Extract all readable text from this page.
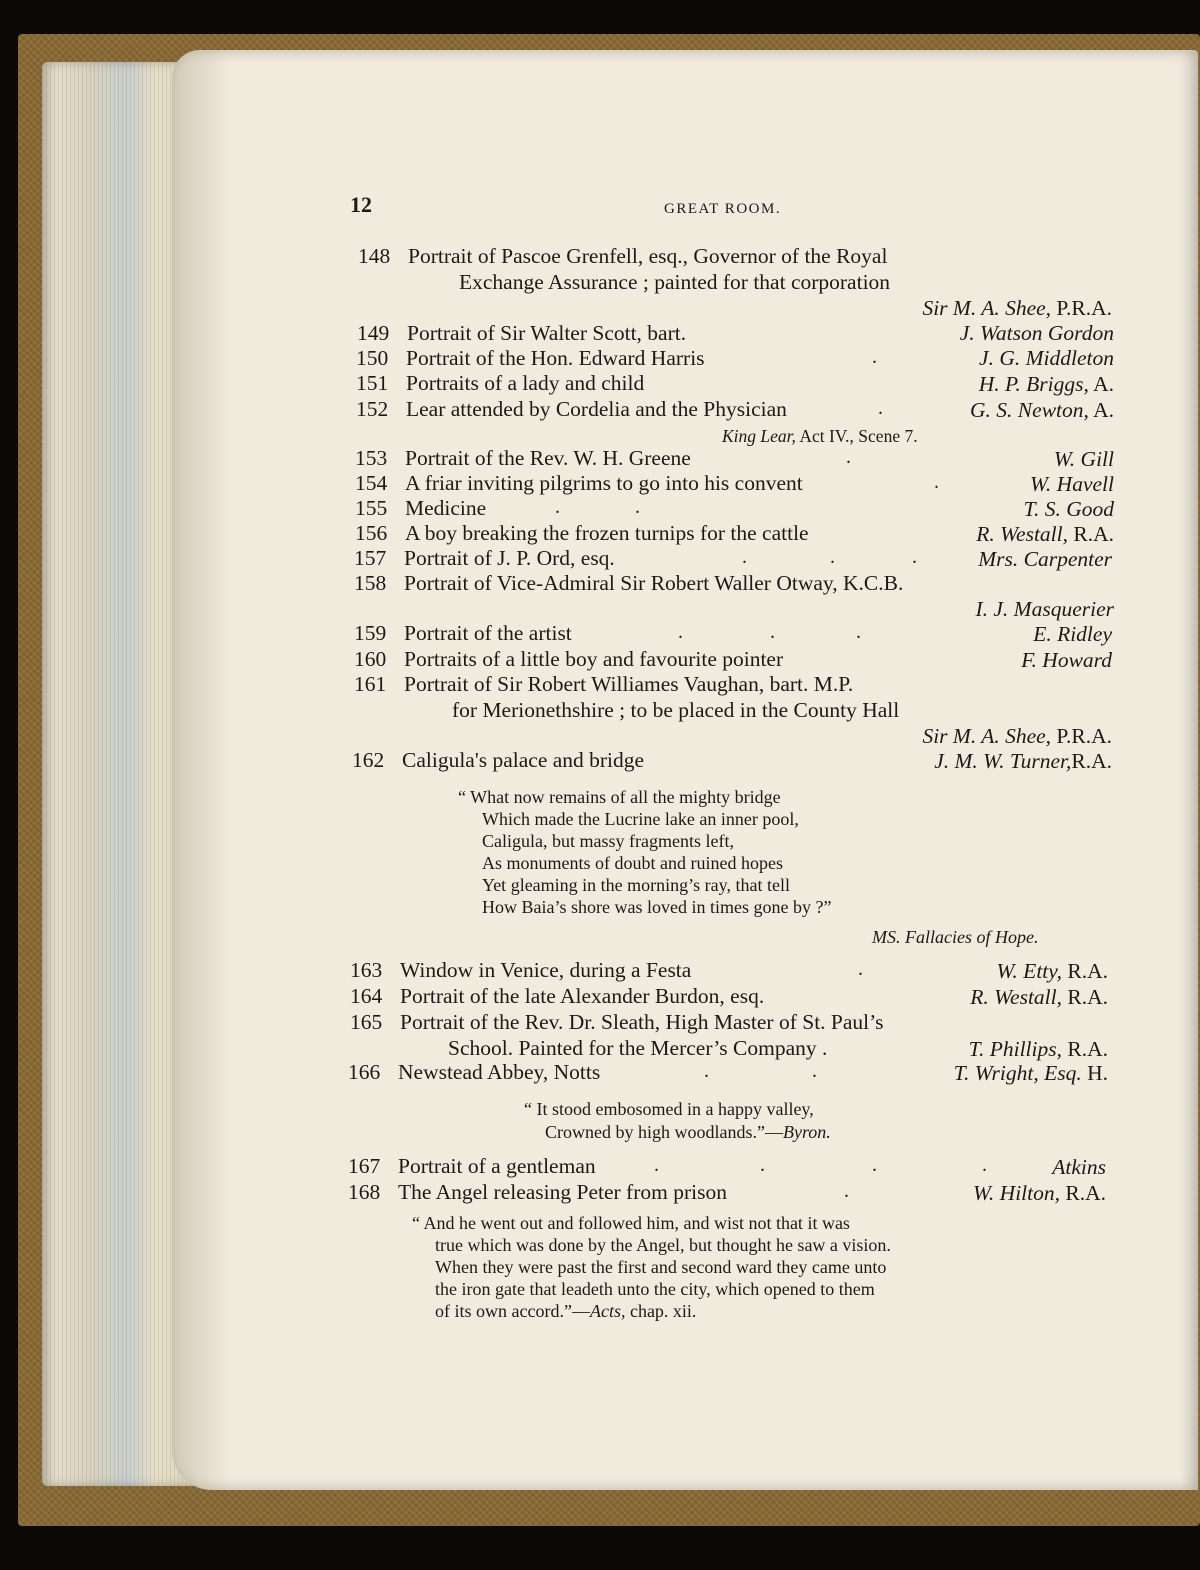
12	GREAT ROOM.
148 Portrait of Pascoe Grenfell, esq., Governor of the Royal
Exchange Assurance ; painted for that corporation
Sir M. A. Shee, P.R.A.
149 Portrait of Sir Walter Scott, bart.	J. Watson Gordon
150 Portrait of the Hon. Edward Harris	.	J. G. Middleton
151 Portraits of a lady and child	H. P. Briggs, A.
152 Lear attended by Cordelia and the Physician	.	G. S. Newton, A.
King Lear, Act IV., Scene 7.
153 Portrait of the Rev. W. H. Greene	.	W. Gill
154 A friar inviting pilgrims to go into his convent	.	W. Havell
155 Medicine	.	.	T. S. Good
156 A boy breaking the frozen turnips for the cattle	R. Westall, R.A.
157 Portrait of J. P. Ord, esq.	.	.	.	Mrs. Carpenter
158 Portrait of Vice-Admiral Sir Robert Waller Otway, K.C.B.
I. J. Masquerier
159 Portrait of the artist	.	.	.	E. Ridley
160 Portraits of a little boy and favourite pointer	F. Howard
161 Portrait of Sir Robert Williames Vaughan, bart. M.P.
for Merionethshire ; to be placed in the County Hall
Sir M. A. Shee, P.R.A.
162 Caligula's palace and bridge	J. M. W. Turner,R.A.
“ What now remains of all the mighty bridge
Which made the Lucrine lake an inner pool,
Caligula, but massy fragments left,
As monuments of doubt and ruined hopes
Yet gleaming in the morning’s ray, that tell
How Baia’s shore was loved in times gone by ?”
MS. Fallacies of Hope.
163 Window in Venice, during a Festa	.	W. Etty, R.A.
164 Portrait of the late Alexander Burdon, esq.	R. Westall, R.A.
165 Portrait of the Rev. Dr. Sleath, High Master of St. Paul’s
School. Painted for the Mercer’s Company .	T. Phillips, R.A.
166 Newstead Abbey, Notts	.	.	T. Wright, Esq. H.
“ It stood embosomed in a happy valley,
Crowned by high woodlands.”—Byron.
167 Portrait of a gentleman	.	.	.	.	Atkins
168 The Angel releasing Peter from prison	.	W. Hilton, R.A.
“ And he went out and followed him, and wist not that it was
true which was done by the Angel, but thought he saw a vision.
When they were past the first and second ward they came unto
the iron gate that leadeth unto the city, which opened to them
of its own accord.”—Acts, chap. xii.
